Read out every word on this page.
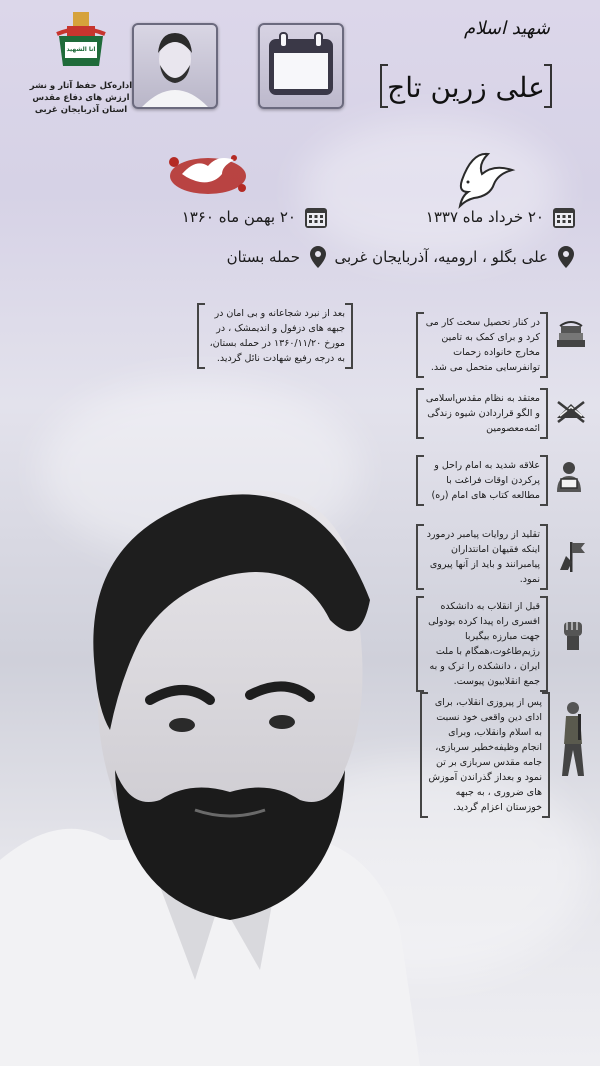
انا الشهید
اداره‌کل حفظ آثار و نشر
ارزش های دفاع مقدس
استان آذربایجان غربی
شهید اسلام
علی زرین تاج
۲۰ خرداد ماه ۱۳۳۷
علی بگلو ، ارومیه، آذربایجان غربی
۲۰ بهمن ماه ۱۳۶۰
حمله بستان
بعد از نبرد شجاعانه و بی امان در جبهه های دزفول و اندیمشک ، در مورخ ۱۳۶۰/۱۱/۲۰ در حمله بستان، به درجه رفیع شهادت نائل گردید.
در کنار تحصیل سخت کار می کرد و برای کمک به تامین مخارج خانواده زحمات توانفرسایی متحمل می شد.
معتقد به نظام مقدس‌اسلامی و الگو قراردادن شیوه زندگی ائمه‌معصومین
علاقه شدید به امام راحل و پرکردن اوقات فراغت با مطالعه کتاب های امام (ره)
تقلید از روایات پیامبر درمورد اینکه فقیهان امانتداران پیامبرانند و باید از آنها پیروی نمود.
قبل از انقلاب به دانشکده افسری راه پیدا کرده بودولی جهت مبارزه بیگیربا رژیم‌طاغوت،همگام با ملت ایران ، دانشکده را ترک و به جمع انقلابیون پیوست.
پس از پیروزی انقلاب، برای ادای دین واقعی خود نسبت به اسلام وانقلاب، وبرای انجام وظیفه‌خطیر سربازی، جامه مقدس سربازی بر تن نمود و بعداز گذراندن آموزش های ضروری ، به جبهه خوزستان اعزام گردید.
